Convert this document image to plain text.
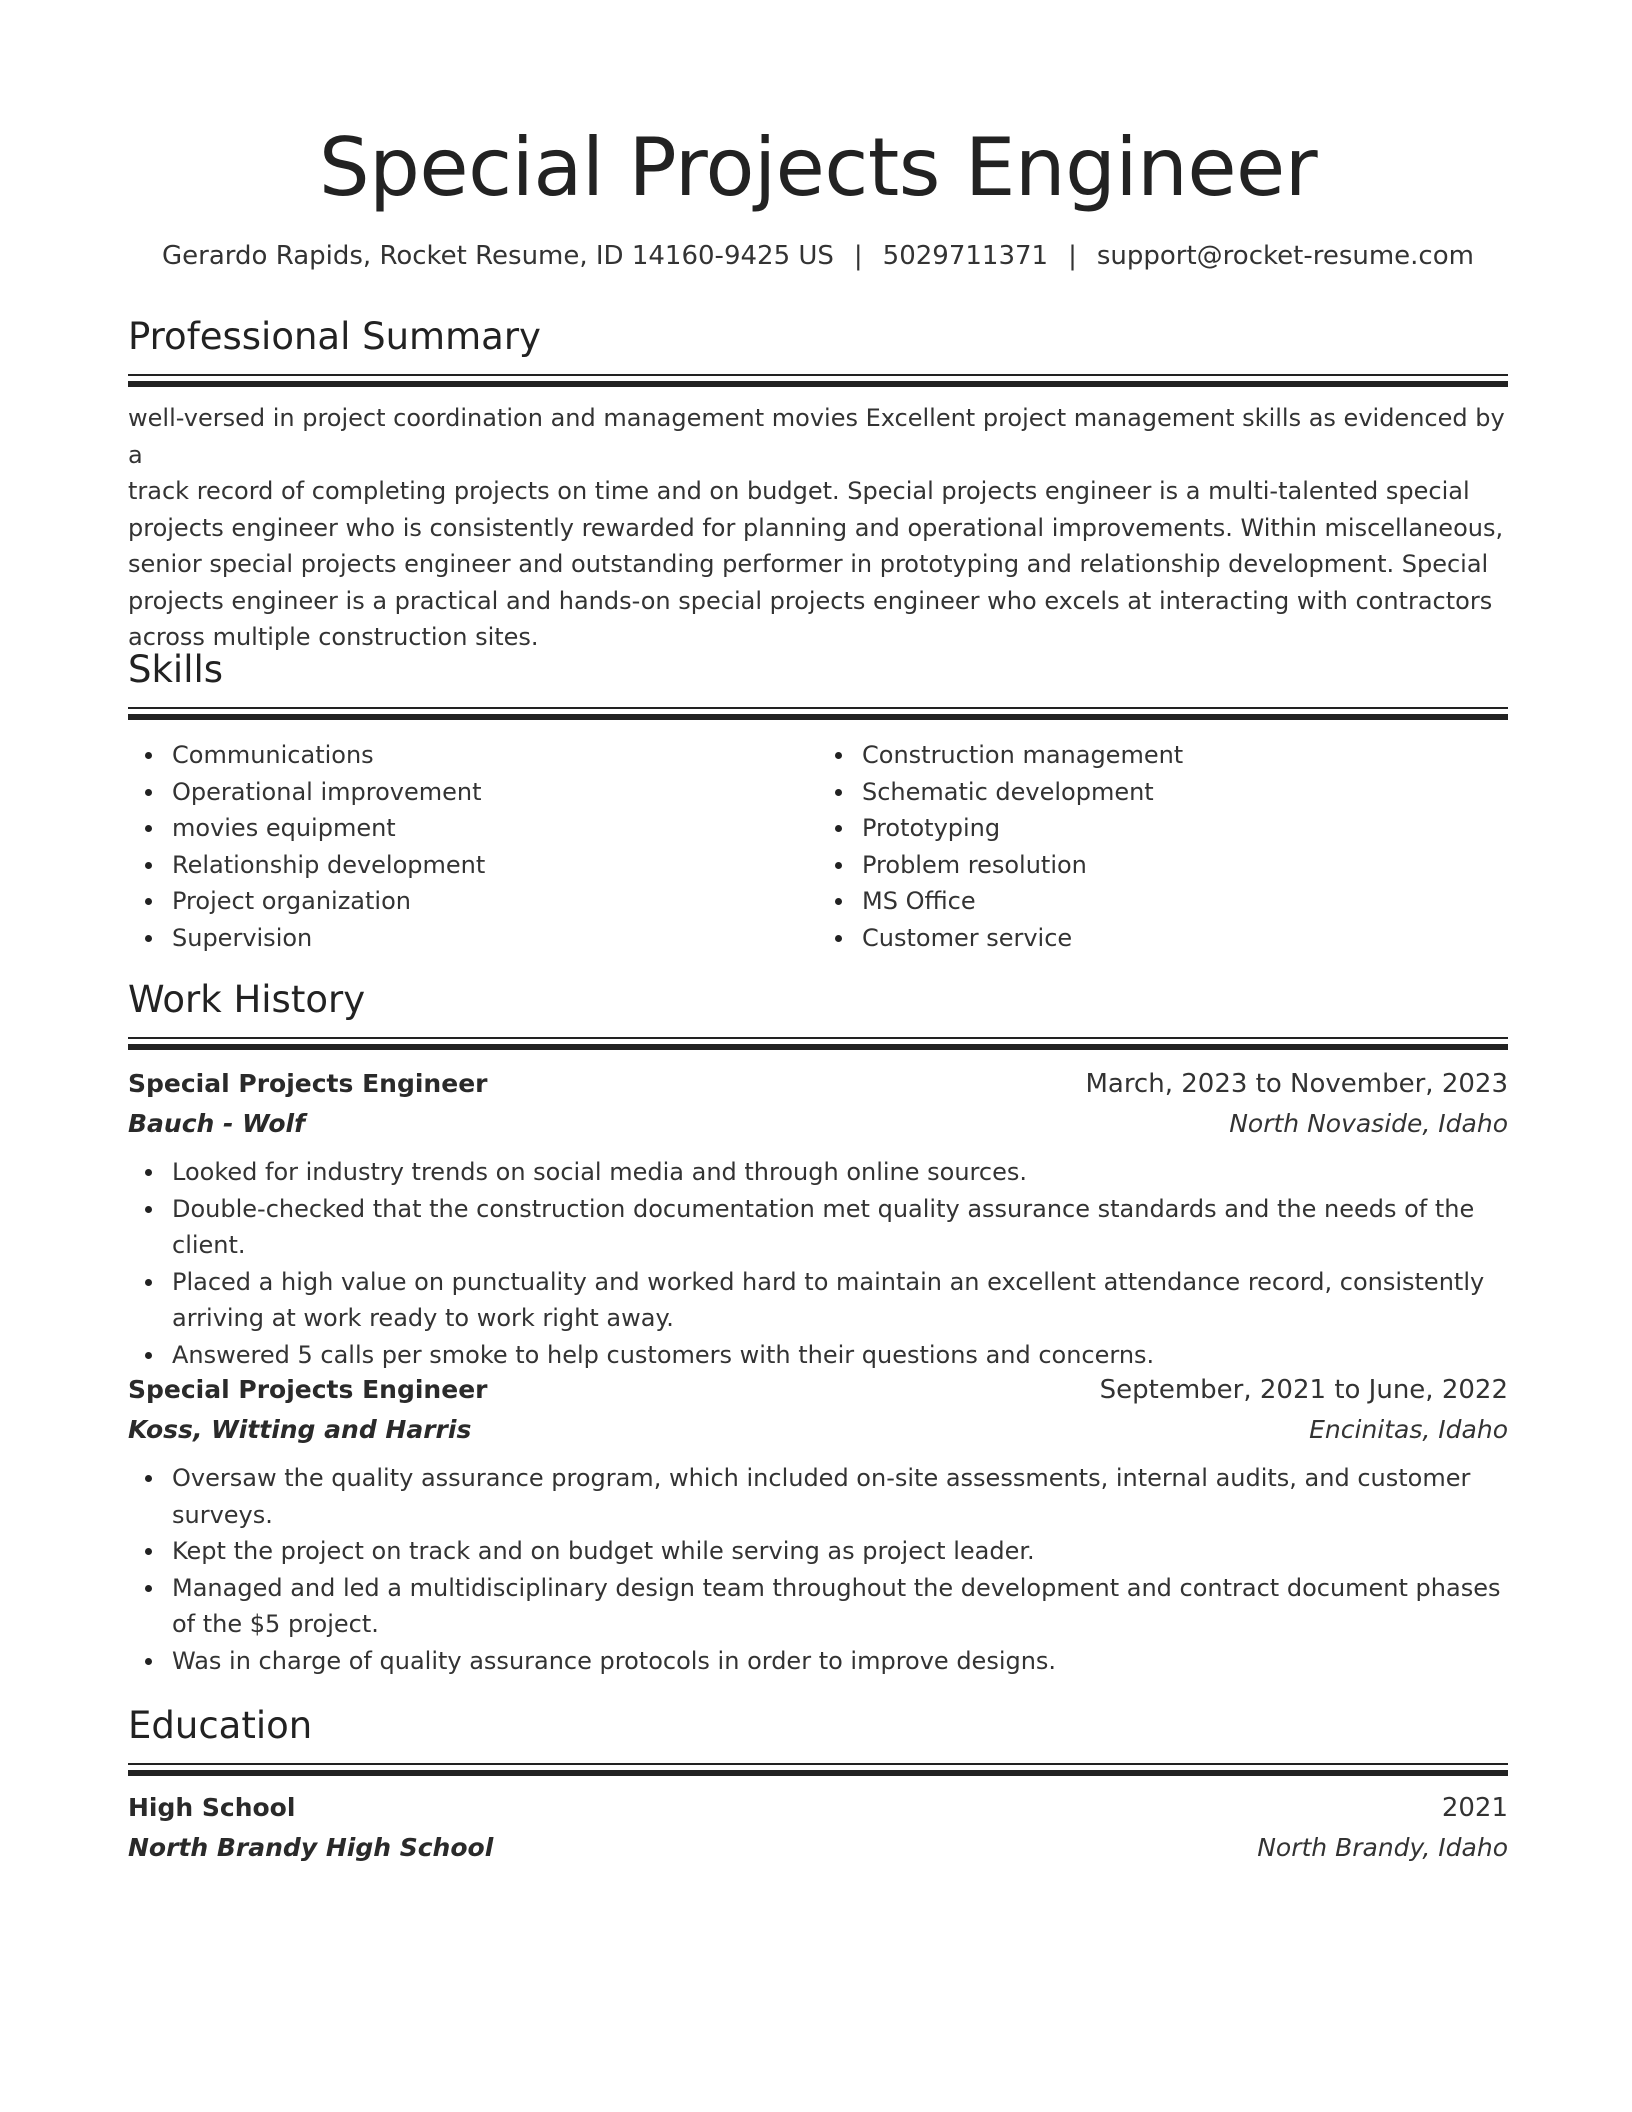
Special Projects Engineer
Gerardo Rapids, Rocket Resume, ID 14160-9425 US | 5029711371 | support@rocket-resume.com
Professional Summary
well-versed in project coordination and management movies Excellent project management skills as evidenced by a
track record of completing projects on time and on budget. Special projects engineer is a multi-talented special
projects engineer who is consistently rewarded for planning and operational improvements. Within miscellaneous,
senior special projects engineer and outstanding performer in prototyping and relationship development. Special
projects engineer is a practical and hands-on special projects engineer who excels at interacting with contractors
across multiple construction sites.
Skills
Communications
Operational improvement
movies equipment
Relationship development
Project organization
Supervision
Construction management
Schematic development
Prototyping
Problem resolution
MS Office
Customer service
Work History
Special Projects Engineer	March, 2023 to November, 2023
Bauch - Wolf	North Novaside, Idaho
Looked for industry trends on social media and through online sources.
Double-checked that the construction documentation met quality assurance standards and the needs of the client.
Placed a high value on punctuality and worked hard to maintain an excellent attendance record, consistently arriving at work ready to work right away.
Answered 5 calls per smoke to help customers with their questions and concerns.
Special Projects Engineer	September, 2021 to June, 2022
Koss, Witting and Harris	Encinitas, Idaho
Oversaw the quality assurance program, which included on-site assessments, internal audits, and customer surveys.
Kept the project on track and on budget while serving as project leader.
Managed and led a multidisciplinary design team throughout the development and contract document phases of the $5 project.
Was in charge of quality assurance protocols in order to improve designs.
Education
High School	2021
North Brandy High School	North Brandy, Idaho
